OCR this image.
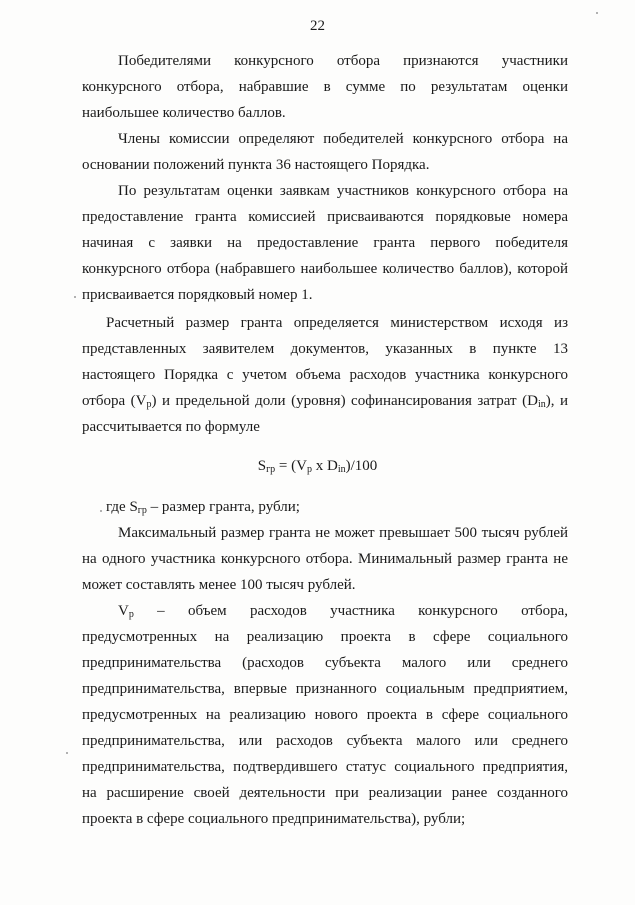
22

Победителями конкурсного отбора признаются участники конкурсного отбора, набравшие в сумме по результатам оценки наибольшее количество баллов.

Члены комиссии определяют победителей конкурсного отбора на основании положений пункта 36 настоящего Порядка.

По результатам оценки заявкам участников конкурсного отбора на предоставление гранта комиссией присваиваются порядковые номера начиная с заявки на предоставление гранта первого победителя конкурсного отбора (набравшего наибольшее количество баллов), которой присваивается порядковый номер 1.

Расчетный размер гранта определяется министерством исходя из представленных заявителем документов, указанных в пункте 13 настоящего Порядка с учетом объема расходов участника конкурсного отбора $(V_р)$ и предельной доли (уровня) софинансирования затрат $(D_{in})$, и рассчитывается по формуле

$S_{гр} = (V_р$ x $D_{in})/100$

где $S_{гр}$ – размер гранта, рубли;

Максимальный размер гранта не может превышает 500 тысяч рублей на одного участника конкурсного отбора. Минимальный размер гранта не может составлять менее 100 тысяч рублей.

$V_р$ – объем расходов участника конкурсного отбора, предусмотренных на реализацию проекта в сфере социального предпринимательства (расходов субъекта малого или среднего предпринимательства, впервые признанного социальным предприятием, предусмотренных на реализацию нового проекта в сфере социального предпринимательства, или расходов субъекта малого или среднего предпринимательства, подтвердившего статус социального предприятия, на расширение своей деятельности при реализации ранее созданного проекта в сфере социального предпринимательства), рубли;
